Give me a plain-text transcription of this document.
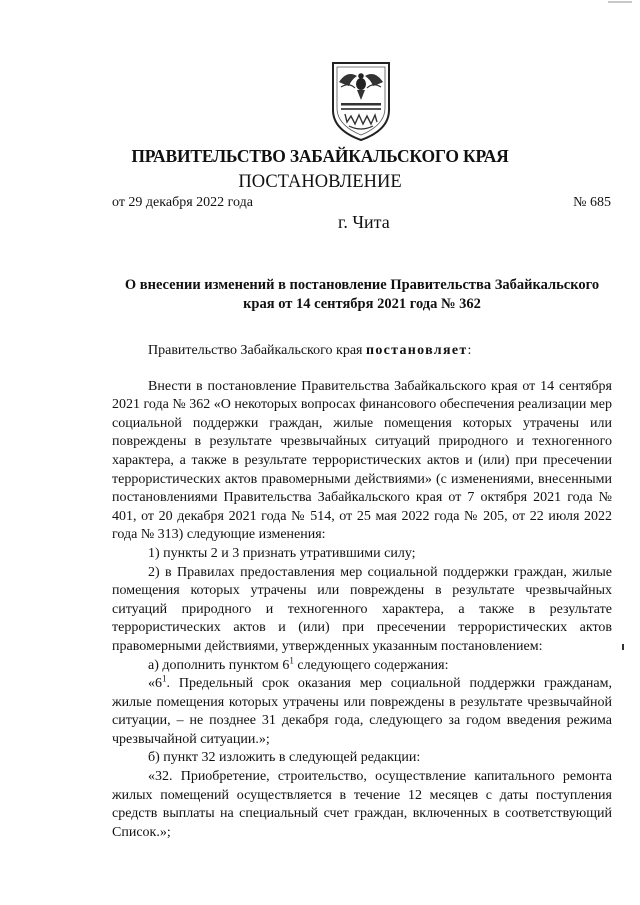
ПРАВИТЕЛЬСТВО ЗАБАЙКАЛЬСКОГО КРАЯ
ПОСТАНОВЛЕНИЕ
от 29 декабря 2022 года	№ 685
г. Чита
О внесении изменений в постановление Правительства Забайкальского края от 14 сентября 2021 года № 362

Правительство Забайкальского края постановляет:

Внести в постановление Правительства Забайкальского края от 14 сентября 2021 года № 362 «О некоторых вопросах финансового обеспечения реализации мер социальной поддержки граждан, жилые помещения которых утрачены или повреждены в результате чрезвычайных ситуаций природного и техногенного характера, а также в результате террористических актов и (или) при пресечении террористических актов правомерными действиями» (с изменениями, внесенными постановлениями Правительства Забайкальского края от 7 октября 2021 года № 401, от 20 декабря 2021 года № 514, от 25 мая 2022 года № 205, от 22 июля 2022 года № 313) следующие изменения:

1) пункты 2 и 3 признать утратившими силу;

2) в Правилах предоставления мер социальной поддержки граждан, жилые помещения которых утрачены или повреждены в результате чрезвычайных ситуаций природного и техногенного характера, а также в результате террористических актов и (или) при пресечении террористических актов правомерными действиями, утвержденных указанным постановлением:

а) дополнить пунктом $6^1$ следующего содержания:

«$6^1$. Предельный срок оказания мер социальной поддержки гражданам, жилые помещения которых утрачены или повреждены в результате чрезвычайной ситуации, – не позднее 31 декабря года, следующего за годом введения режима чрезвычайной ситуации.»;

б) пункт 32 изложить в следующей редакции:

«32. Приобретение, строительство, осуществление капитального ремонта жилых помещений осуществляется в течение 12 месяцев с даты поступления средств выплаты на специальный счет граждан, включенных в соответствующий Список.»;
